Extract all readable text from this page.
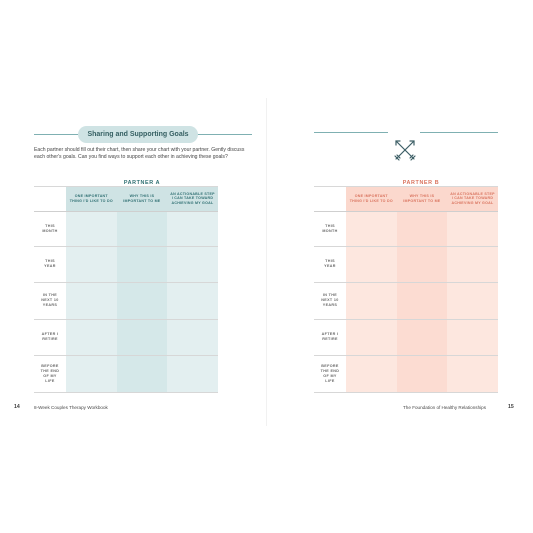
Sharing and Supporting Goals
Each partner should fill out their chart, then share your chart with your partner. Gently discuss each other's goals. Can you find ways to support each other in achieving these goals?
PARTNER A
ONE IMPORTANT THING I'D LIKE TO DO
WHY THIS IS IMPORTANT TO ME
AN ACTIONABLE STEP I CAN TAKE TOWARD ACHIEVING MY GOAL
THIS MONTH
THIS YEAR
IN THE NEXT 10 YEARS
AFTER I RETIRE
BEFORE THE END OF MY LIFE
14	8-Week Couples Therapy Workbook
PARTNER B
ONE IMPORTANT THING I'D LIKE TO DO
WHY THIS IS IMPORTANT TO ME
AN ACTIONABLE STEP I CAN TAKE TOWARD ACHIEVING MY GOAL
THIS MONTH
THIS YEAR
IN THE NEXT 10 YEARS
AFTER I RETIRE
BEFORE THE END OF MY LIFE
The Foundation of Healthy Relationships	15
